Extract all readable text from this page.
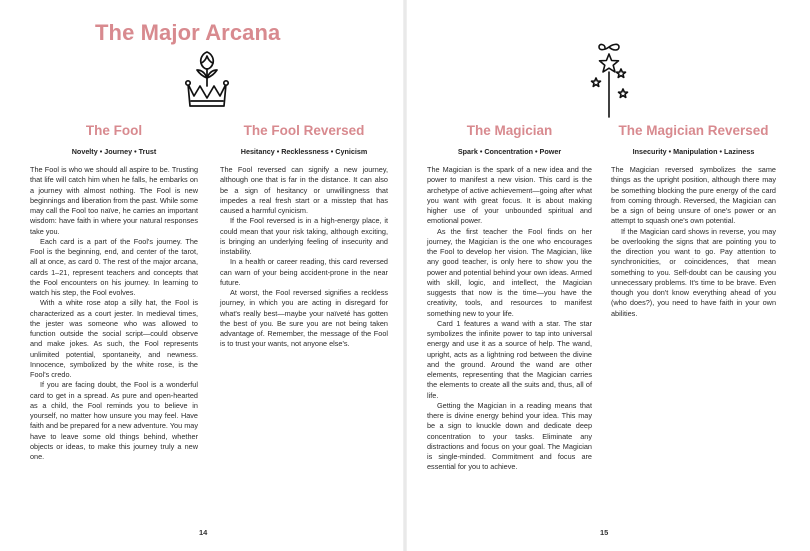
The Major Arcana
The Fool
Novelty • Journey • Trust

The Fool is who we should all aspire to be. Trusting that life will catch him when he falls, he embarks on a journey with almost nothing. The Fool is new beginnings and liberation from the past. While some may call the Fool too naïve, he carries an important wisdom: have faith in where your natural responses take you.

Each card is a part of the Fool's journey. The Fool is the beginning, end, and center of the tarot, all at once, as card 0. The rest of the major arcana, cards 1–21, represent teachers and concepts that the Fool encounters on his journey. In learning to watch his step, the Fool evolves.

With a white rose atop a silly hat, the Fool is characterized as a court jester. In medieval times, the jester was someone who was allowed to function outside the social script—could observe and make jokes. As such, the Fool represents unlimited potential, spontaneity, and newness. Innocence, symbolized by the white rose, is the Fool's credo.

If you are facing doubt, the Fool is a wonderful card to get in a spread. As pure and open-hearted as a child, the Fool reminds you to believe in yourself, no matter how unsure you may feel. Have faith and be prepared for a new adventure. You may have to leave some old things behind, whether objects or ideas, to make this journey truly a new one.

The Fool Reversed
Hesitancy • Recklessness • Cynicism

The Fool reversed can signify a new journey, although one that is far in the distance. It can also be a sign of hesitancy or unwillingness that impedes a real fresh start or a misstep that has caused a harmful cynicism.

If the Fool reversed is in a high-energy place, it could mean that your risk taking, although exciting, is bringing an underlying feeling of insecurity and instability.

In a health or career reading, this card reversed can warn of your being accident-prone in the near future.

At worst, the Fool reversed signifies a reckless journey, in which you are acting in disregard for what's really best—maybe your naïveté has gotten the best of you. Be sure you are not being taken advantage of. Remember, the message of the Fool is to trust your wants, not anyone else's.

14
The Magician
Spark • Concentration • Power

The Magician is the spark of a new idea and the power to manifest a new vision. This card is the archetype of active achievement—going after what you want with great focus. It is about making higher use of your unbounded spiritual and emotional power.

As the first teacher the Fool finds on her journey, the Magician is the one who encourages the Fool to develop her vision. The Magician, like any good teacher, is only here to show you the power and potential behind your own ideas. Armed with skill, logic, and intellect, the Magician suggests that now is the time—you have the creativity, tools, and resources to manifest something new to your life.

Card 1 features a wand with a star. The star symbolizes the infinite power to tap into universal energy and use it as a source of help. The wand, upright, acts as a lightning rod between the divine and the ground. Around the wand are other elements, representing that the Magician carries the elements to create all the suits and, thus, all of life.

Getting the Magician in a reading means that there is divine energy behind your idea. This may be a sign to knuckle down and dedicate deep concentration to your tasks. Eliminate any distractions and focus on your goal. The Magician is single-minded. Commitment and focus are essential for you to achieve.

The Magician Reversed
Insecurity • Manipulation • Laziness

The Magician reversed symbolizes the same things as the upright position, although there may be something blocking the pure energy of the card from coming through. Reversed, the Magician can be a sign of being unsure of one's power or an attempt to squash one's own potential.

If the Magician card shows in reverse, you may be overlooking the signs that are pointing you to the direction you want to go. Pay attention to synchronicities, or coincidences, that mean something to you. Self-doubt can be causing you unnecessary problems. It's time to be brave. Even though you don't know everything ahead of you (who does?), you need to have faith in your own abilities.

15
